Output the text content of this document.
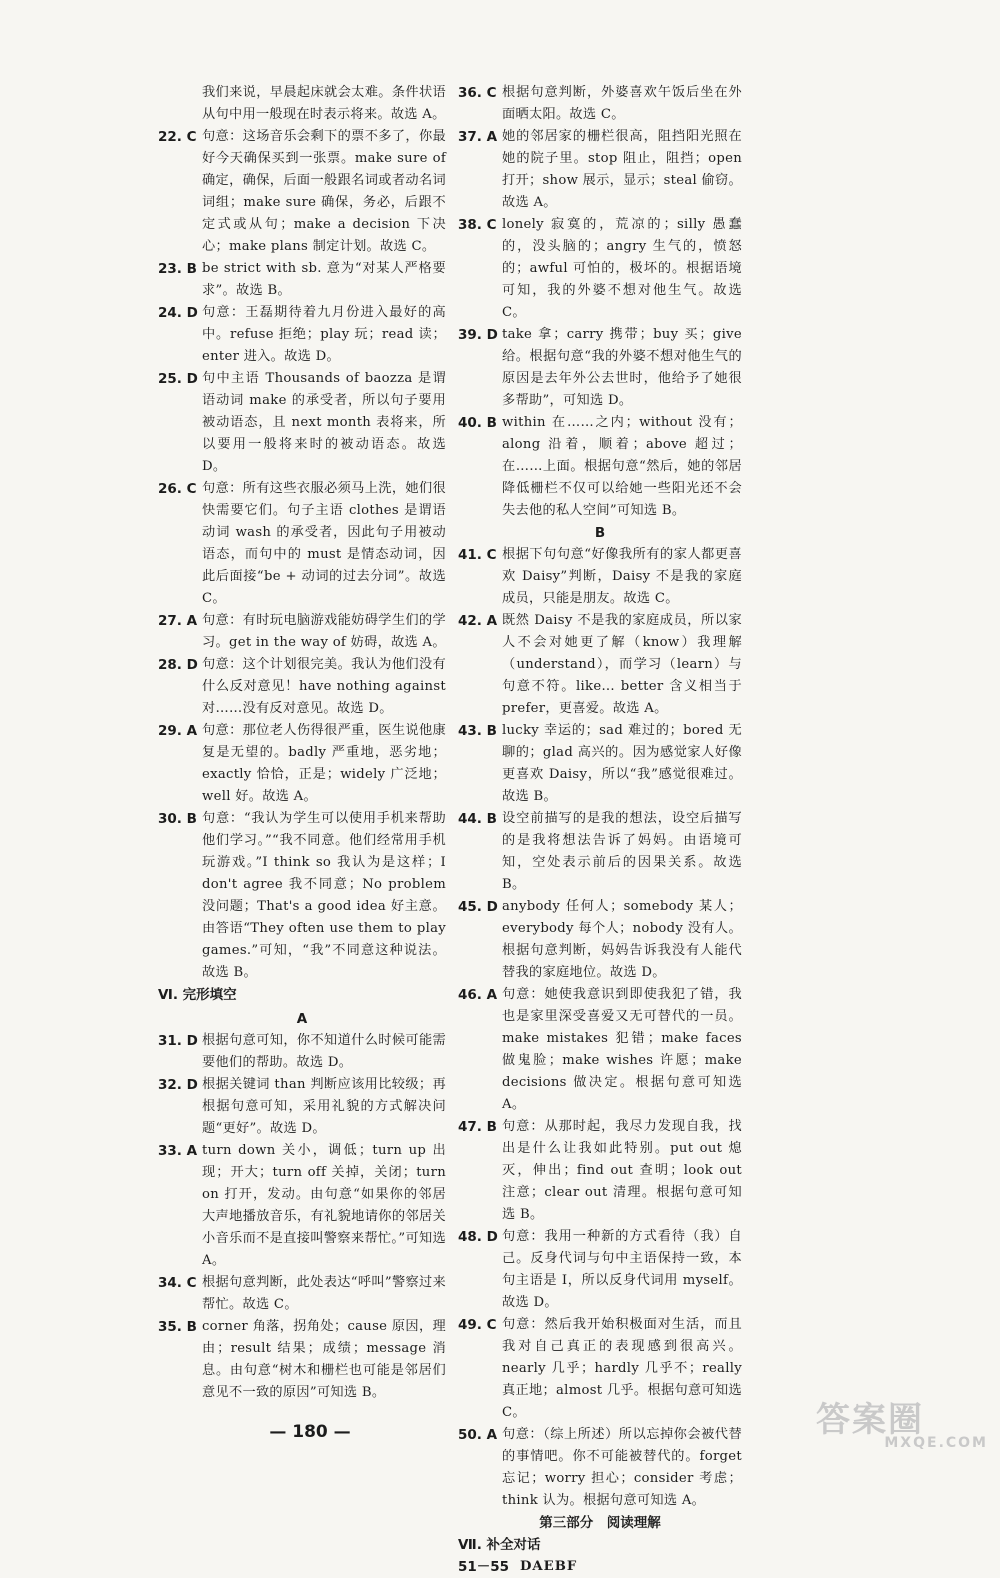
我们来说，早晨起床就会太难。条件状语从句中用一般现在时表示将来。故选 A。
22. C 句意：这场音乐会剩下的票不多了，你最好今天确保买到一张票。make sure of 确定，确保，后面一般跟名词或者动名词词组；make sure 确保，务必，后跟不定式或从句；make a decision 下决心；make plans 制定计划。故选 C。
23. B be strict with sb. 意为“对某人严格要求”。故选 B。
24. D 句意：王磊期待着九月份进入最好的高中。refuse 拒绝；play 玩；read 读；enter 进入。故选 D。
25. D 句中主语 Thousands of baozza 是谓语动词 make 的承受者，所以句子要用被动语态，且 next month 表将来，所以要用一般将来时的被动语态。故选 D。
26. C 句意：所有这些衣服必须马上洗，她们很快需要它们。句子主语 clothes 是谓语动词 wash 的承受者，因此句子用被动语态，而句中的 must 是情态动词，因此后面接“be + 动词的过去分词”。故选 C。
27. A 句意：有时玩电脑游戏能妨碍学生们的学习。get in the way of 妨碍，故选 A。
28. D 句意：这个计划很完美。我认为他们没有什么反对意见！have nothing against 对……没有反对意见。故选 D。
29. A 句意：那位老人伤得很严重，医生说他康复是无望的。badly 严重地，恶劣地；exactly 恰恰，正是；widely 广泛地；well 好。故选 A。
30. B 句意：“我认为学生可以使用手机来帮助他们学习。”“我不同意。他们经常用手机玩游戏。”I think so 我认为是这样；I don't agree 我不同意；No problem 没问题；That's a good idea 好主意。由答语“They often use them to play games.”可知，“我”不同意这种说法。故选 B。
Ⅵ. 完形填空
A
31. D 根据句意可知，你不知道什么时候可能需要他们的帮助。故选 D。
32. D 根据关键词 than 判断应该用比较级；再根据句意可知，采用礼貌的方式解决问题“更好”。故选 D。
33. A turn down 关小，调低；turn up 出现；开大；turn off 关掉，关闭；turn on 打开，发动。由句意“如果你的邻居大声地播放音乐，有礼貌地请你的邻居关小音乐而不是直接叫警察来帮忙。”可知选 A。
34. C 根据句意判断，此处表达“呼叫”警察过来帮忙。故选 C。
35. B corner 角落，拐角处；cause 原因，理由；result 结果；成绩；message 消息。由句意“树木和栅栏也可能是邻居们意见不一致的原因”可知选 B。
36. C 根据句意判断，外婆喜欢午饭后坐在外面晒太阳。故选 C。
37. A 她的邻居家的栅栏很高，阻挡阳光照在她的院子里。stop 阻止，阻挡；open 打开；show 展示，显示；steal 偷窃。故选 A。
38. C lonely 寂寞的，荒凉的；silly 愚蠢的，没头脑的；angry 生气的，愤怒的；awful 可怕的，极坏的。根据语境可知，我的外婆不想对他生气。故选 C。
39. D take 拿；carry 携带；buy 买；give 给。根据句意“我的外婆不想对他生气的原因是去年外公去世时，他给予了她很多帮助”，可知选 D。
40. B within 在……之内；without 没有；along 沿着，顺着；above 超过；在……上面。根据句意“然后，她的邻居降低栅栏不仅可以给她一些阳光还不会失去他的私人空间”可知选 B。
B
41. C 根据下句句意“好像我所有的家人都更喜欢 Daisy”判断，Daisy 不是我的家庭成员，只能是朋友。故选 C。
42. A 既然 Daisy 不是我的家庭成员，所以家人不会对她更了解（know）我理解（understand），而学习（learn）与句意不符。like... better 含义相当于 prefer，更喜爱。故选 A。
43. B lucky 幸运的；sad 难过的；bored 无聊的；glad 高兴的。因为感觉家人好像更喜欢 Daisy，所以“我”感觉很难过。故选 B。
44. B 设空前描写的是我的想法，设空后描写的是我将想法告诉了妈妈。由语境可知，空处表示前后的因果关系。故选 B。
45. D anybody 任何人；somebody 某人；everybody 每个人；nobody 没有人。根据句意判断，妈妈告诉我没有人能代替我的家庭地位。故选 D。
46. A 句意：她使我意识到即使我犯了错，我也是家里深受喜爱又无可替代的一员。make mistakes 犯错；make faces 做鬼脸；make wishes 许愿；make decisions 做决定。根据句意可知选 A。
47. B 句意：从那时起，我尽力发现自我，找出是什么让我如此特别。put out 熄灭，伸出；find out 查明；look out 注意；clear out 清理。根据句意可知选 B。
48. D 句意：我用一种新的方式看待（我）自己。反身代词与句中主语保持一致，本句主语是 I，所以反身代词用 myself。故选 D。
49. C 句意：然后我开始积极面对生活，而且我对自己真正的表现感到很高兴。nearly 几乎；hardly 几乎不；really 真正地；almost 几乎。根据句意可知选 C。
50. A 句意：（综上所述）所以忘掉你会被代替的事情吧。你不可能被替代的。forget 忘记；worry 担心；consider 考虑；think 认为。根据句意可知选 A。
第三部分　阅读理解
Ⅶ. 补全对话
51－55 DAEBF
— 180 —	答案圈
MXQE.COM
